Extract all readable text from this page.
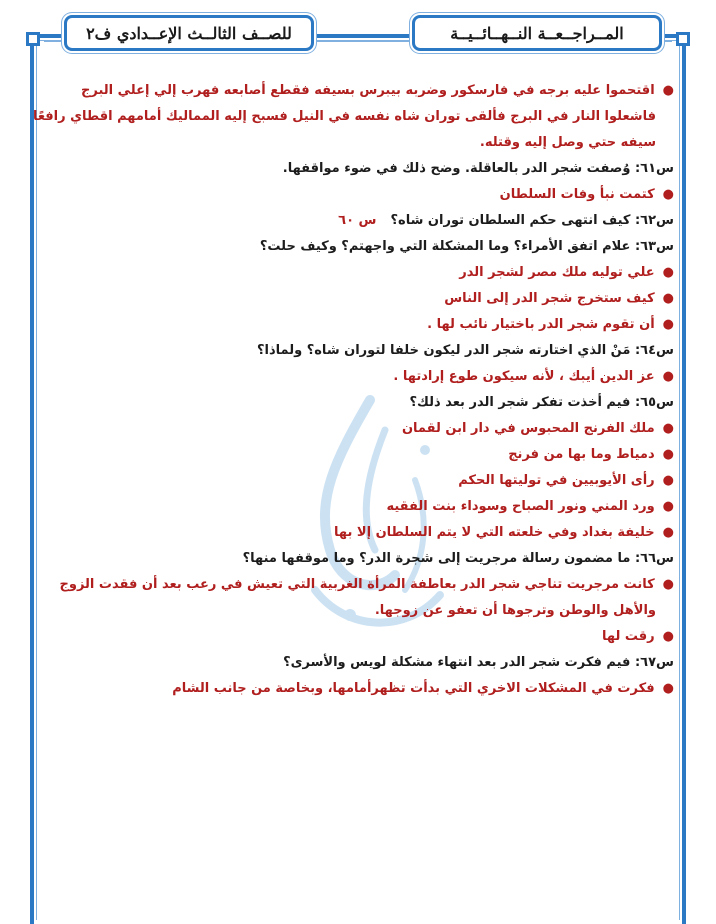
المــراجــعــة النــهــائــيــة
للصــف الثالــث الإعــدادي ف٢
●
اقتحموا عليه برجه في فارسكور وضربه بيبرس بسيفه فقطع أصابعه فهرب إلي إعلي البرج
فاشعلوا النار في البرج فألقى توران شاه نفسه في النيل فسبح إليه المماليك أمامهم اقطاي رافعًا
سيفه حتي وصل إليه وقتله.
س٦١: وُصفت شجر الدر بالعاقلة. وضح ذلك في ضوء مواقفها.
●
كتمت نبأ وفات السلطان
س٦٢: كيف انتهى حكم السلطان توران شاه؟
س ٦٠
س٦٣: علام اتفق الأمراء؟ وما المشكلة التي واجهتم؟ وكيف حلت؟
●
علي توليه ملك مصر لشجر الدر
●
كيف ستخرج شجر الدر إلى الناس
●
أن تقوم شجر الدر باختيار نائب لها .
س٦٤: مَنْ الذي اختارته شجر الدر ليكون خلفا لتوران شاه؟ ولماذا؟
●
عز الدين أيبك ، لأنه سيكون طوع إرادتها .
س٦٥: فيم أخذت تفكر شجر الدر بعد ذلك؟
●
ملك الفرنج المحبوس في دار ابن لقمان
●
دمياط وما بها من فرنج
●
رأى الأيوبيين في توليتها الحكم
●
ورد المني ونور الصباح وسوداء بنت الفقيه
●
خليفة بغداد وفي خلعته التي لا يتم السلطان إلا بها
س٦٦: ما مضمون رسالة مرجريت إلى شجرة الدر؟ وما موقفها منها؟
●
كانت مرجريت تناجي شجر الدر بعاطفة المرأة الغربية التي تعيش في رعب بعد أن فقدت الزوج
والأهل والوطن وترجوها أن تعفو عن زوجها.
●
رقت لها
س٦٧: فيم فكرت شجر الدر بعد انتهاء مشكلة لويس والأسرى؟
●
فكرت في المشكلات الاخري التي بدأت تظهرأمامها، وبخاصة من جانب الشام
